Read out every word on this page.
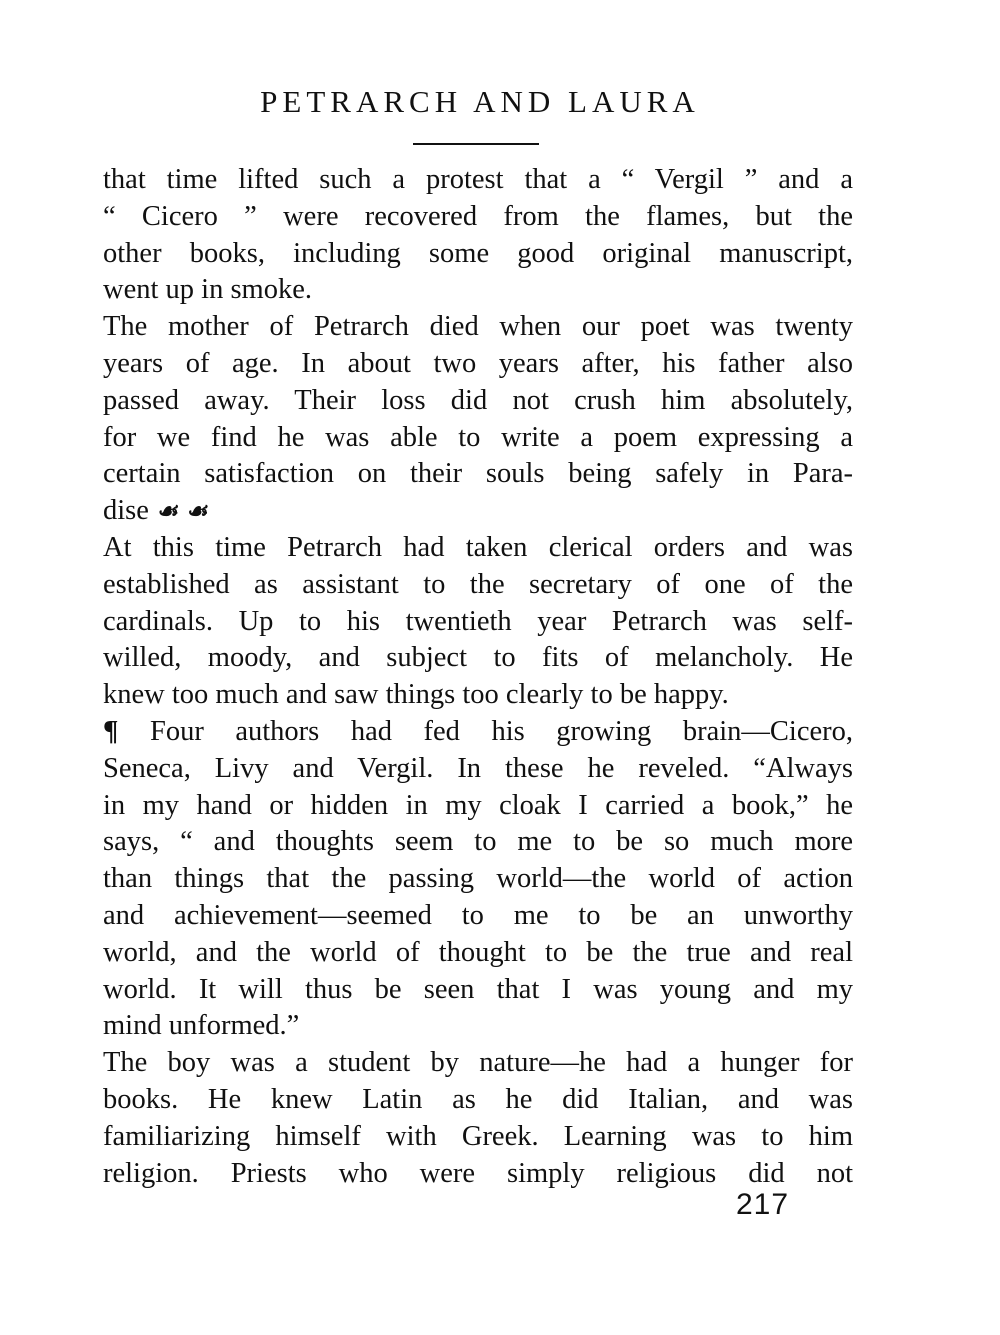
PETRARCH AND LAURA
that time lifted such a protest that a “ Vergil ” and a
“ Cicero ” were recovered from the flames, but the
other books, including some good original manuscript,
went up in smoke.
The mother of Petrarch died when our poet was twenty
years of age. In about two years after, his father also
passed away. Their loss did not crush him absolutely,
for we find he was able to write a poem expressing a
certain satisfaction on their souls being safely in Para-
dise ☙ ☙
At this time Petrarch had taken clerical orders and was
established as assistant to the secretary of one of the
cardinals. Up to his twentieth year Petrarch was self-
willed, moody, and subject to fits of melancholy. He
knew too much and saw things too clearly to be happy.
¶ Four authors had fed his growing brain—Cicero,
Seneca, Livy and Vergil. In these he reveled. “Always
in my hand or hidden in my cloak I carried a book,” he
says, “ and thoughts seem to me to be so much more
than things that the passing world—the world of action
and achievement—seemed to me to be an unworthy
world, and the world of thought to be the true and real
world. It will thus be seen that I was young and my
mind unformed.”
The boy was a student by nature—he had a hunger for
books. He knew Latin as he did Italian, and was
familiarizing himself with Greek. Learning was to him
religion. Priests who were simply religious did not
217
